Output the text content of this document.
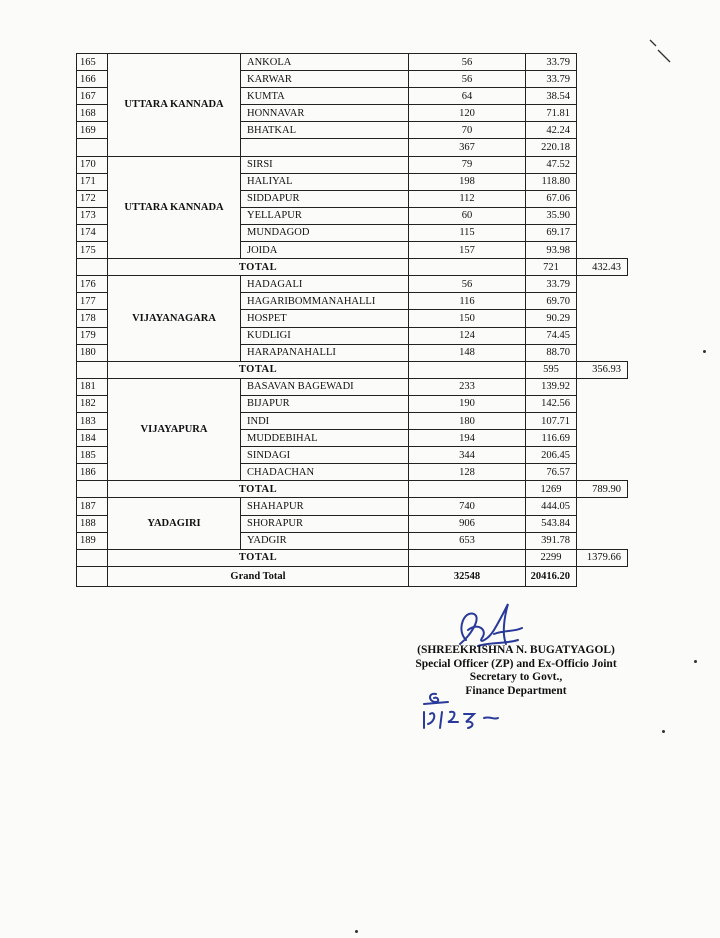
165	UTTARA KANNADA	ANKOLA	56	33.79	
166		KARWAR	56	33.79	
167		KUMTA	64	38.54	
168		HONNAVAR	120	71.81	
169		BHATKAL	70	42.24	
			367	220.18	
170	UTTARA KANNADA	SIRSI	79	47.52	
171		HALIYAL	198	118.80	
172		SIDDAPUR	112	67.06	
173		YELLAPUR	60	35.90	
174		MUNDAGOD	115	69.17	
175		JOIDA	157	93.98	
	TOTAL			721	432.43
176	VIJAYANAGARA	HADAGALI	56	33.79	
177		HAGARIBOMMANAHALLI	116	69.70	
178		HOSPET	150	90.29	
179		KUDLIGI	124	74.45	
180		HARAPANAHALLI	148	88.70	
	TOTAL			595	356.93
181	VIJAYAPURA	BASAVAN BAGEWADI	233	139.92	
182		BIJAPUR	190	142.56	
183		INDI	180	107.71	
184		MUDDEBIHAL	194	116.69	
185		SINDAGI	344	206.45	
186		CHADACHAN	128	76.57	
	TOTAL			1269	789.90
187	YADAGIRI	SHAHAPUR	740	444.05	
188		SHORAPUR	906	543.84	
189		YADGIR	653	391.78	
	TOTAL			2299	1379.66
	Grand Total		32548	20416.20	
(SHREEKRISHNA N. BUGATYAGOL)
Special Officer (ZP) and Ex-Officio Joint
Secretary to Govt.,
Finance Department
